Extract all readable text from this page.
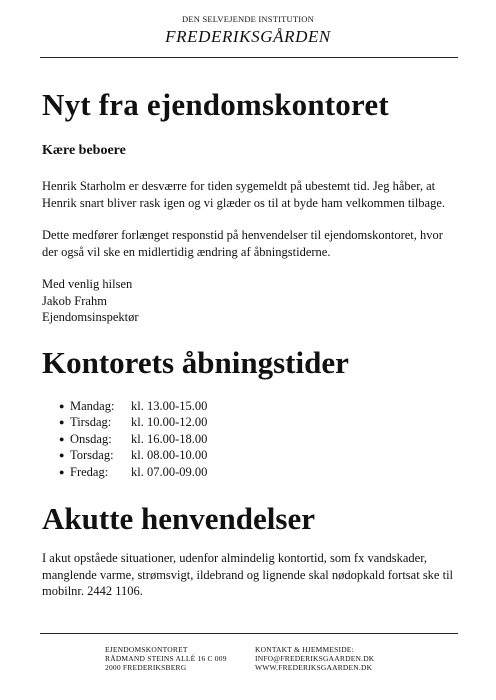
DEN SELVEJENDE INSTITUTION
FREDERIKSGÅRDEN
Nyt fra ejendomskontoret
Kære beboere

Henrik Starholm er desværre for tiden sygemeldt på ubestemt tid. Jeg håber, at Henrik snart bliver rask igen og vi glæder os til at byde ham velkommen tilbage.

Dette medfører forlænget responstid på henvendelser til ejendomskontoret, hvor der også vil ske en midlertidig ændring af åbningstiderne.

Med venlig hilsen
Jakob Frahm
Ejendomsinspektør
Kontorets åbningstider
● Mandag:	kl. 13.00-15.00
● Tirsdag:	kl. 10.00-12.00
● Onsdag:	kl. 16.00-18.00
● Torsdag:	kl. 08.00-10.00
● Fredag:	kl. 07.00-09.00
Akutte henvendelser

I akut opståede situationer, udenfor almindelig kontortid, som fx vandskader, manglende varme, strømsvigt, ildebrand og lignende skal nødopkald fortsat ske til mobilnr. 2442 1106.

EJENDOMSKONTORET
RÅDMAND STEINS ALLÉ 16 C 009
2000 FREDERIKSBERG
KONTAKT & HJEMMESIDE:
INFO@FREDERIKSGAARDEN.DK
WWW.FREDERIKSGAARDEN.DK
